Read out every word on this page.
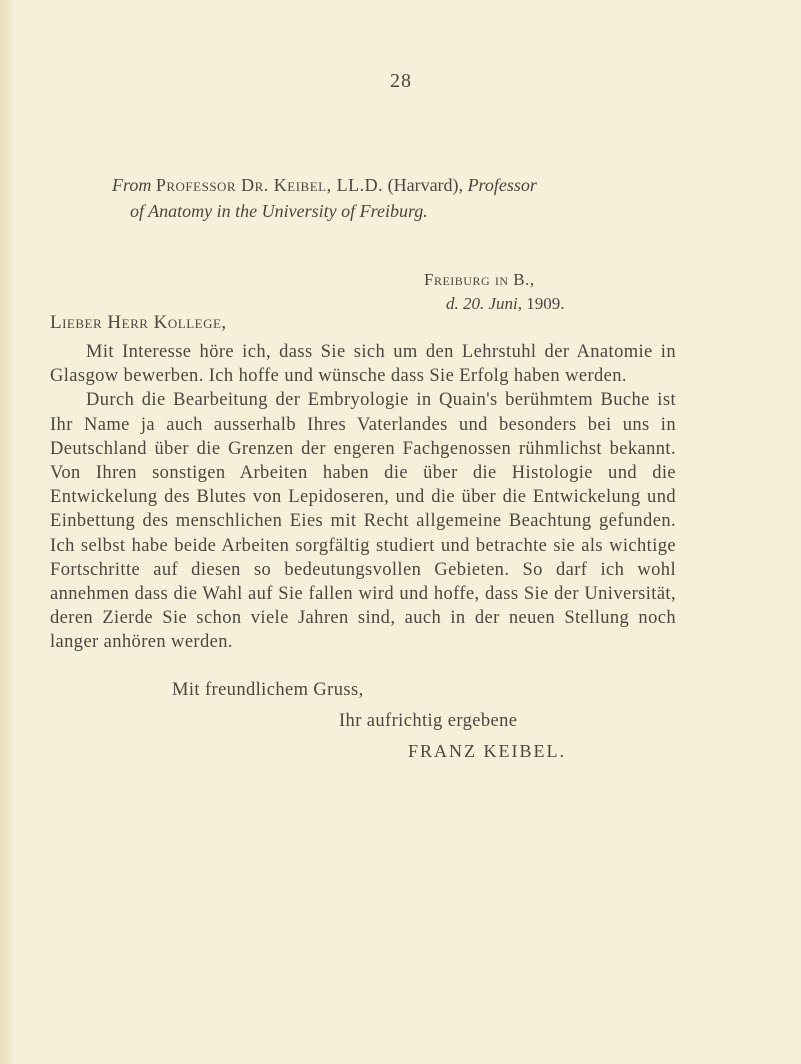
28
From Professor Dr. Keibel, LL.D. (Harvard), Professor
of Anatomy in the University of Freiburg.
Freiburg in B.,
d. 20. Juni, 1909.
Lieber Herr Kollege,

Mit Interesse höre ich, dass Sie sich um den Lehrstuhl der Anatomie in Glasgow bewerben. Ich hoffe und wünsche dass Sie Erfolg haben werden.

Durch die Bearbeitung der Embryologie in Quain's berühmtem Buche ist Ihr Name ja auch ausserhalb Ihres Vaterlandes und besonders bei uns in Deutschland über die Grenzen der engeren Fachgenossen rühmlichst bekannt. Von Ihren sonstigen Arbeiten haben die über die Histologie und die Entwickelung des Blutes von Lepidoseren, und die über die Entwickelung und Einbettung des menschlichen Eies mit Recht allgemeine Beachtung gefunden. Ich selbst habe beide Arbeiten sorgfältig studiert und betrachte sie als wichtige Fortschritte auf diesen so bedeutungsvollen Gebieten. So darf ich wohl annehmen dass die Wahl auf Sie fallen wird und hoffe, dass Sie der Universität, deren Zierde Sie schon viele Jahren sind, auch in der neuen Stellung noch langer anhören werden.

Mit freundlichem Gruss,
Ihr aufrichtig ergebene
FRANZ KEIBEL.
